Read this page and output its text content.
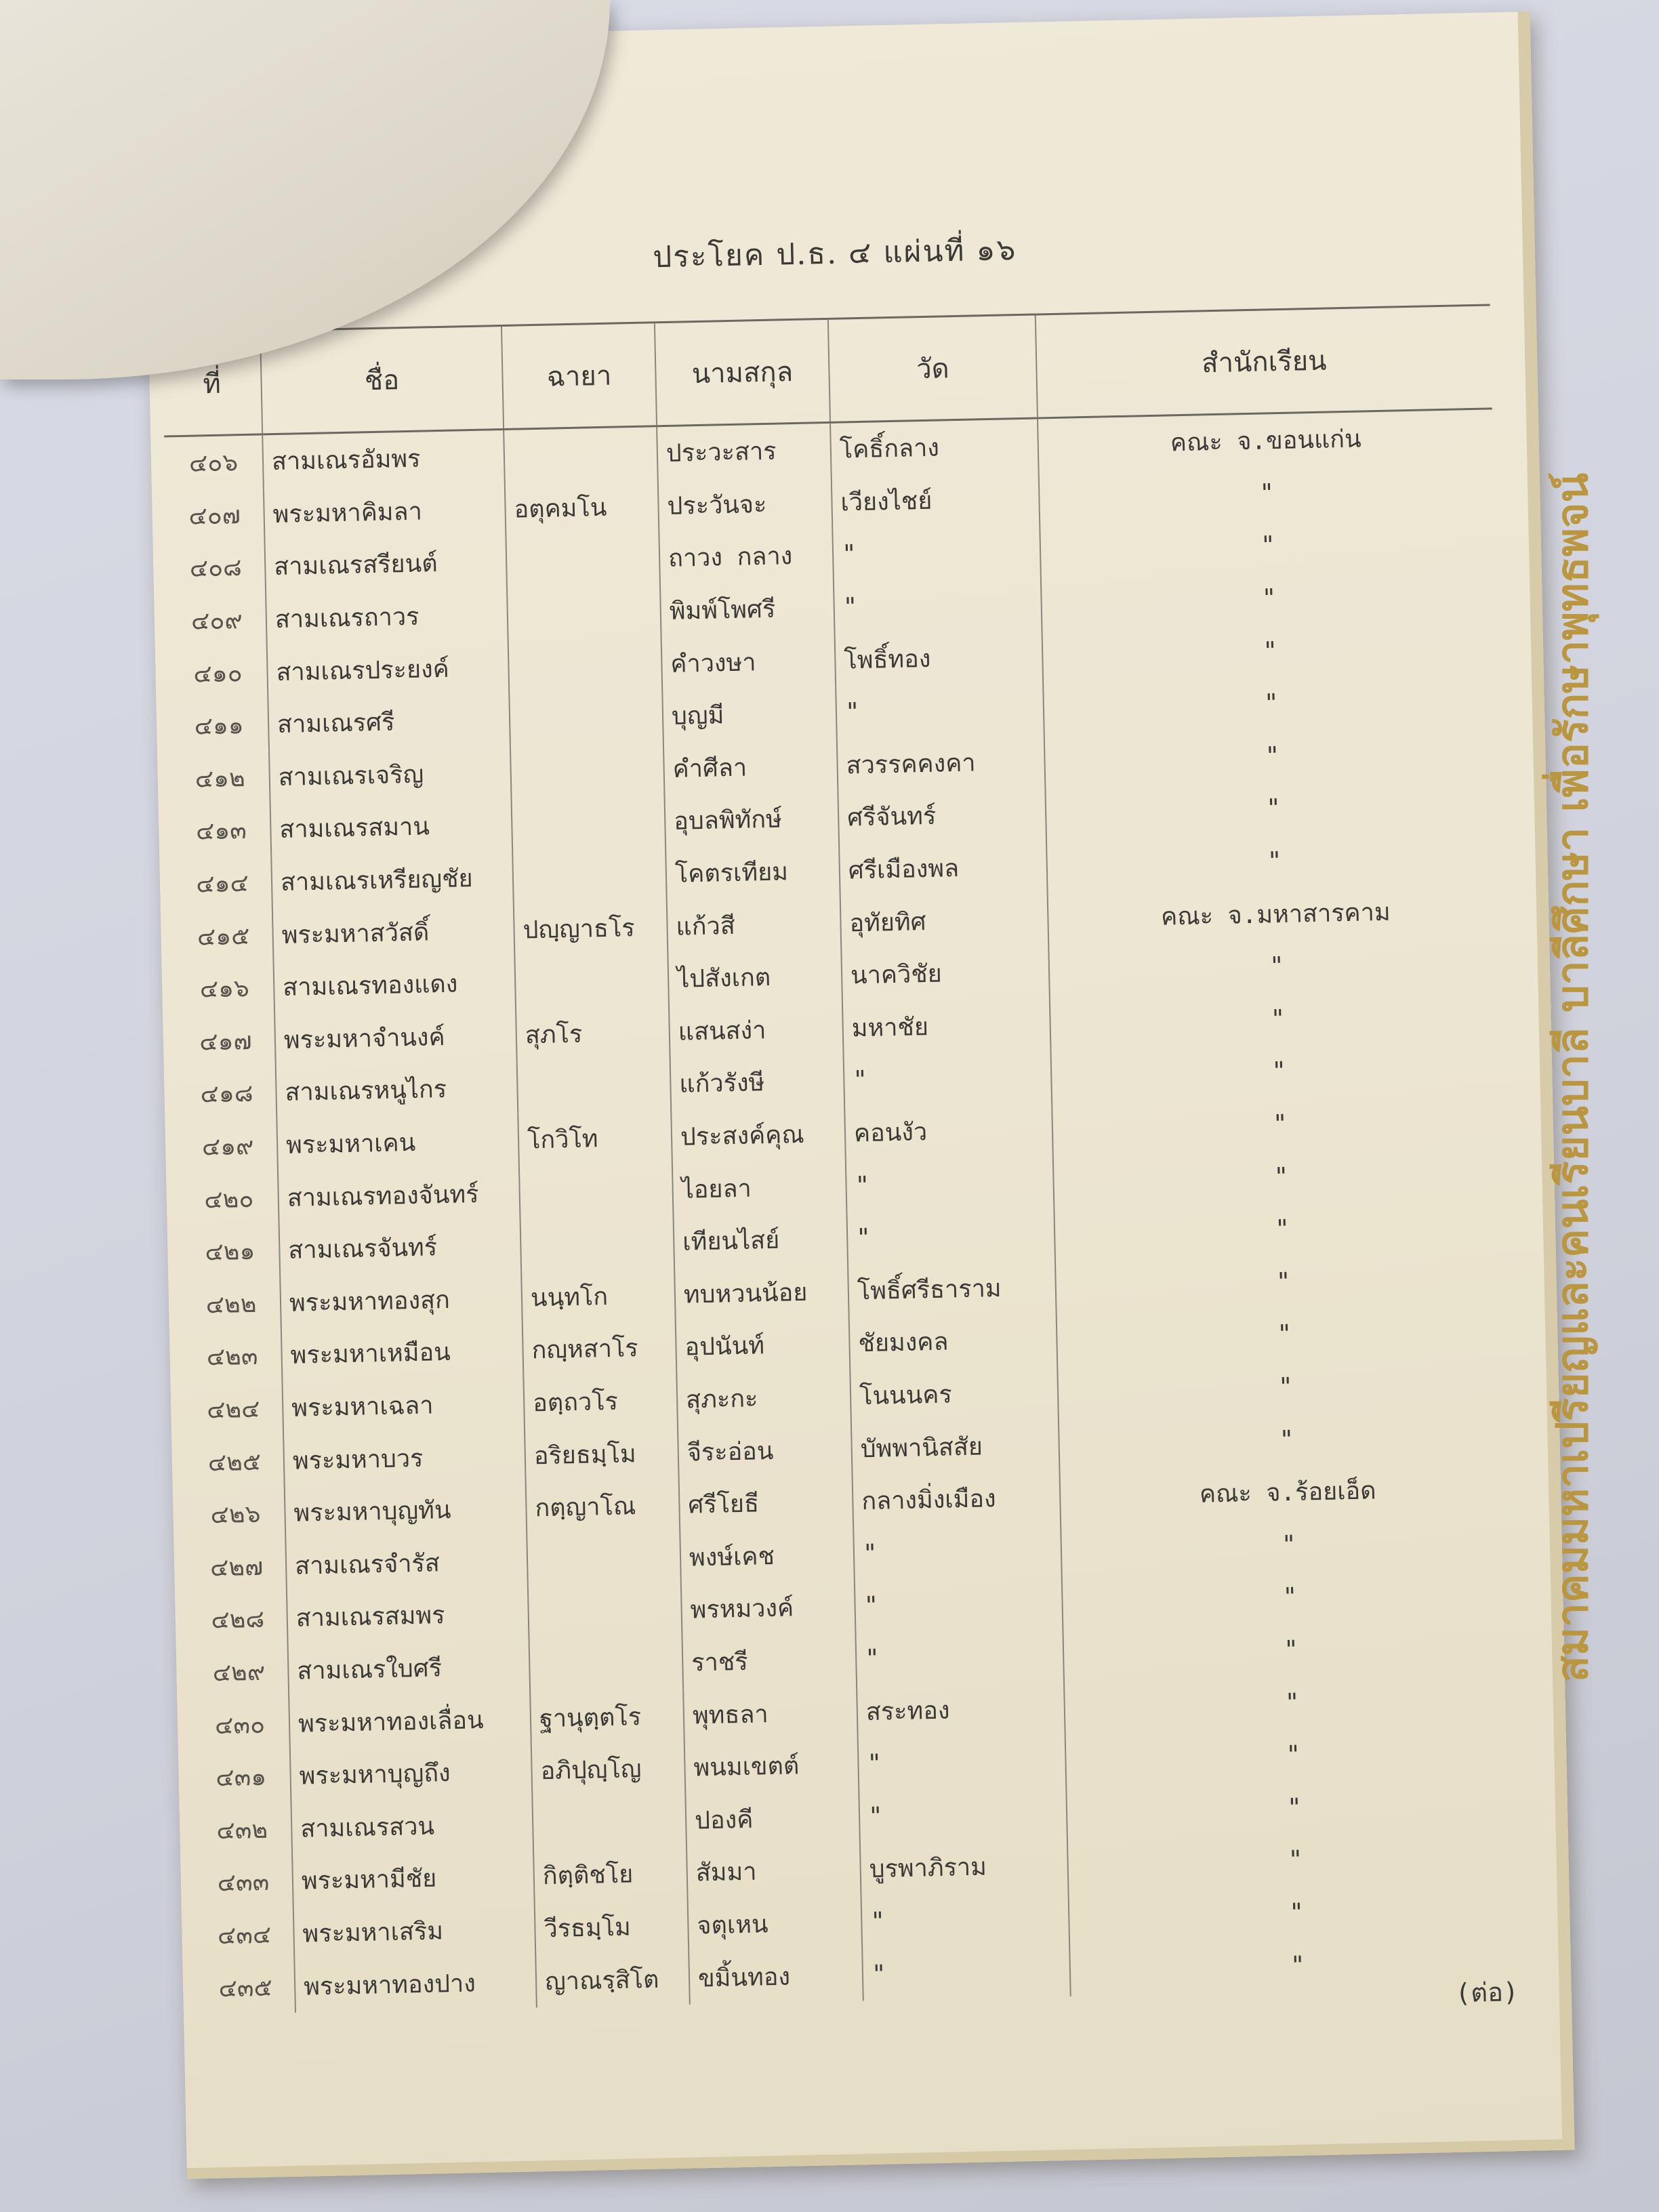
ประโยค ป.ธ. ๔ แผ่นที่ ๑๖
ที่	ชื่อ	ฉายา	นามสกุล	วัด	สำนักเรียน
๔๐๖	สามเณรอัมพร		ประวะสาร	โคธิ์กลาง	คณะ จ.ขอนแก่น
๔๐๗	พระมหาคิมลา	อตุคมโน	ประวันจะ	เวียงไชย์	"
๔๐๘	สามเณรสรียนต์		ถาวง กลาง	"	"
๔๐๙	สามเณรถาวร		พิมพ์โพศรี	"	"
๔๑๐	สามเณรประยงค์		คำวงษา	โพธิ์ทอง	"
๔๑๑	สามเณรศรี		บุญมี	"	"
๔๑๒	สามเณรเจริญ		คำศีลา	สวรรคคงคา	"
๔๑๓	สามเณรสมาน		อุบลพิทักษ์	ศรีจันทร์	"
๔๑๔	สามเณรเหรียญชัย		โคตรเทียม	ศรีเมืองพล	"
๔๑๕	พระมหาสวัสดิ์	ปญฺญาธโร	แก้วสี	อุทัยทิศ	คณะ จ.มหาสารคาม
๔๑๖	สามเณรทองแดง		ไปสังเกต	นาควิชัย	"
๔๑๗	พระมหาจำนงค์	สุภโร	แสนสง่า	มหาชัย	"
๔๑๘	สามเณรหนูไกร		แก้วรังษี	"	"
๔๑๙	พระมหาเคน	โกวิโท	ประสงค์คุณ	คอนงัว	"
๔๒๐	สามเณรทองจันทร์		ไอยลา	"	"
๔๒๑	สามเณรจันทร์		เทียนไสย์	"	"
๔๒๒	พระมหาทองสุก	นนฺทโก	ทบหวนน้อย	โพธิ์ศรีธาราม	"
๔๒๓	พระมหาเหมือน	กญฺหสาโร	อุปนันท์	ชัยมงคล	"
๔๒๔	พระมหาเฉลา	อตฺถวโร	สุภะกะ	โนนนคร	"
๔๒๕	พระมหาบวร	อริยธมฺโม	จีระอ่อน	บัพพานิสสัย	"
๔๒๖	พระมหาบุญทัน	กตฺญาโณ	ศรีโยธี	กลางมิ่งเมือง	คณะ จ.ร้อยเอ็ด
๔๒๗	สามเณรจำรัส		พงษ์เคช	"	"
๔๒๘	สามเณรสมพร		พรหมวงค์	"	"
๔๒๙	สามเณรใบศรี		ราชรี	"	"
๔๓๐	พระมหาทองเลื่อน	ฐานุตฺตโร	พุทธลา	สระทอง	"
๔๓๑	พระมหาบุญถึง	อภิปุญฺโญ	พนมเขตต์	"	"
๔๓๒	สามเณรสวน		ปองคี	"	"
๔๓๓	พระมหามีชัย	กิตฺติชโย	สัมมา	บูรพาภิราม	"
๔๓๔	พระมหาเสริม	วีรธมฺโม	จตุเหน	"	"
๔๓๕	พระมหาทองปาง	ญาณรฺสิโต	ขมิ้นทอง	"	"
(ต่อ)
สมาคมมหาเปรียญและคนเรียนบาลี บาลีศึกษา เพื่อรักษาพุทธพจน์
